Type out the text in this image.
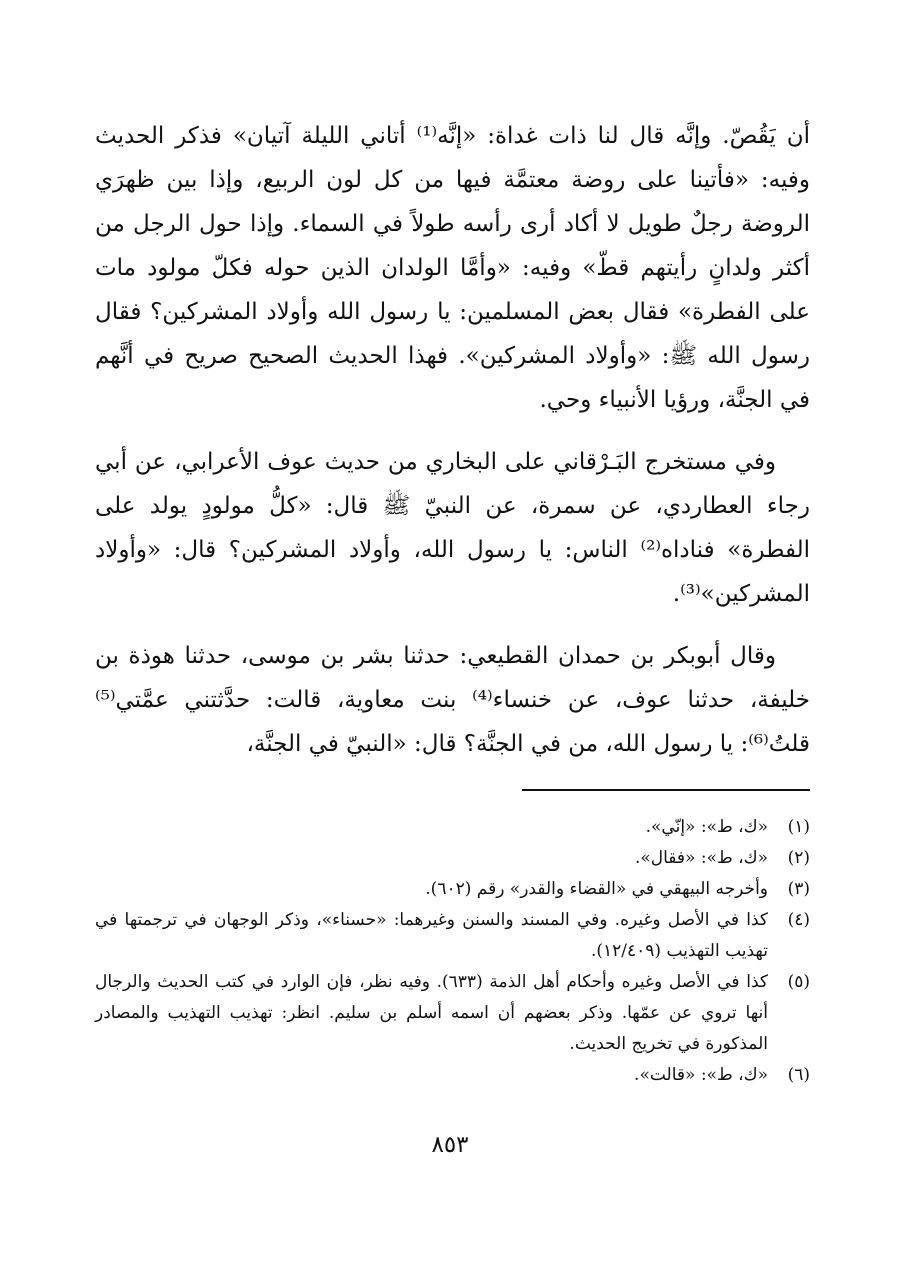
أن يَقُصّ. وإنَّه قال لنا ذات غداة: «إنَّه⁽¹⁾ أتاني الليلة آتيان» فذكر الحديث وفيه: «فأتينا على روضة معتمَّة فيها من كل لون الربيع، وإذا بين ظهرَي الروضة رجلٌ طويل لا أكاد أرى رأسه طولاً في السماء. وإذا حول الرجل من أكثر ولدانٍ رأيتهم قطّ» وفيه: «وأمَّا الولدان الذين حوله فكلّ مولود مات على الفطرة» فقال بعض المسلمين: يا رسول الله وأولاد المشركين؟ فقال رسول الله ﷺ: «وأولاد المشركين». فهذا الحديث الصحيح صريح في أنَّهم في الجنَّة، ورؤيا الأنبياء وحي.

وفي مستخرج البَـرْقاني على البخاري من حديث عوف الأعرابي، عن أبي رجاء العطاردي، عن سمرة، عن النبيّ ﷺ قال: «كلُّ مولودٍ يولد على الفطرة» فناداه⁽²⁾ الناس: يا رسول الله، وأولاد المشركين؟ قال: «وأولاد المشركين»⁽³⁾.

وقال أبوبكر بن حمدان القطيعي: حدثنا بشر بن موسى، حدثنا هوذة بن خليفة، حدثنا عوف، عن خنساء⁽⁴⁾ بنت معاوية، قالت: حدَّثتني عمَّتي⁽⁵⁾ قلتُ⁽⁶⁾: يا رسول الله، من في الجنَّة؟ قال: «النبيّ في الجنَّة،

(١)
«ك، ط»: «إنّي».
(٢)
«ك، ط»: «فقال».
(٣)
وأخرجه البيهقي في «القضاء والقدر» رقم (٦٠٢).
(٤)
كذا في الأصل وغيره. وفي المسند والسنن وغيرهما: «حسناء»، وذكر الوجهان في ترجمتها في تهذيب التهذيب (١٢/٤٠٩).
(٥)
كذا في الأصل وغيره وأحكام أهل الذمة (٦٣٣). وفيه نظر، فإن الوارد في كتب الحديث والرجال أنها تروي عن عمّها. وذكر بعضهم أن اسمه أسلم بن سليم. انظر: تهذيب التهذيب والمصادر المذكورة في تخريج الحديث.
(٦)
«ك، ط»: «قالت».
٨٥٣
